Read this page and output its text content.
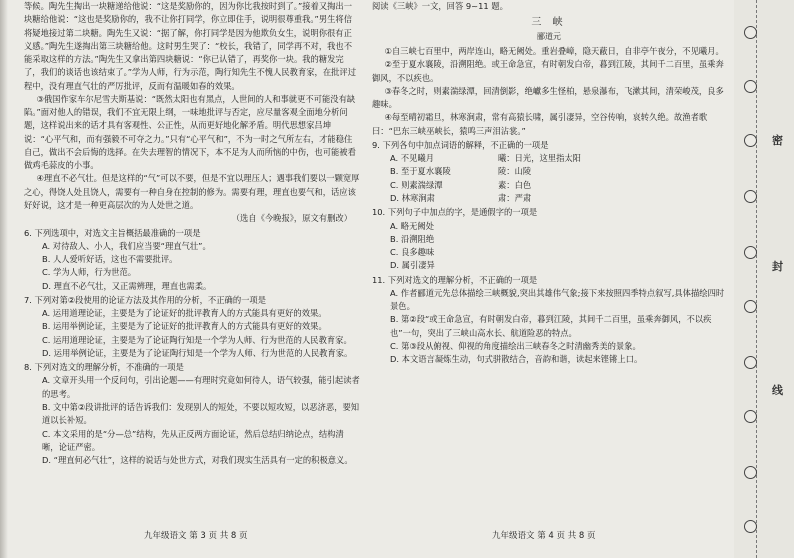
等候。陶先生掏出一块糖递给他说：“这是奖励你的，因为你比我按时到了。”接着又掏出一块糖给他说：“这也是奖励你的，我不让你打同学，你立即住手，说明很尊重我。”男生将信将疑地接过第二块糖。陶先生又说：“据了解，你打同学是因为他欺负女生，说明你很有正义感。”陶先生遂掏出第三块糖给他。这时男生哭了：“校长，我错了，同学再不对，我也不能采取这样的方法。”陶先生又拿出第四块糖说：“你已认错了，再奖你一块。我的糖发完了，我们的谈话也该结束了。”学为人师，行为示范，陶行知先生不愧人民教育家，在批评过程中，没有理直气壮的严厉批评，反而有温暖如春的效果。

③俄国作家车尔尼雪夫斯基说：“既然太阳也有黑点，人世间的人和事就更不可能没有缺陷。”面对他人的错误，我们不宜无限上纲，一味地批评与否定，应尽量客观全面地分析问题，这样说出来的话才具有客观性、公正性，从而更好地化解矛盾。明代思想家吕坤说：“心平气和，而有强毅不可夺之力。”只有“心平气和”，不为一时之气所左右，才能稳住自己，做出不会后悔的选择。在失去理智的情况下，本不足为人而所恼的中伤，也可能被看做鸡毛蒜皮的小事。

④理直不必气壮。但是这样的“气”可以不要，但是不宜以理压人；遇事我们要以一颗宽厚之心，得饶人处且饶人，需要有一种自身在控制的修为。需要有理，理直也要气和，话应该好好说，这才是一种更高层次的为人处世之道。

（选自《今晚报》，原文有删改）
6. 下列选项中，对选文主旨概括最准确的一项是
A. 对待敌人、小人，我们应当要“理直气壮”。
B. 人人爱听好话，这也不需要批评。
C. 学为人师，行为世范。
D. 理直不必气壮，又正需辨理，理直也需柔。
7. 下列对第②段使用的论证方法及其作用的分析，不正确的一项是
A. 运用道理论证，主要是为了论证好的批评教育人的方式能具有更好的效果。
B. 运用举例论证，主要是为了论证好的批评教育人的方式能具有更好的效果。
C. 运用道理论证，主要是为了论证陶行知是一个学为人师、行为世范的人民教育家。
D. 运用举例论证，主要是为了论证陶行知是一个学为人师、行为世范的人民教育家。
8. 下列对选文的理解分析，不准确的一项是
A. 文章开头用一个反问句，引出论题——有理时究竟如何待人，语气较强，能引起读者的思考。
B. 文中第②段讲批评的话告诉我们：发现别人的短处，不要以短攻短，以恶济恶，要知道以长补短。
C. 本文采用的是“分—总”结构，先从正反两方面论证，然后总结归纳论点，结构清晰，论证严密。
D. “理直何必气壮”，这样的说话与处世方式，对我们现实生活具有一定的积极意义。
九年级语文 第 3 页 共 8 页
阅读《三峡》一文，回答 9~11 题。
三 峡
郦道元

①自三峡七百里中，两岸连山，略无阙处。重岩叠嶂，隐天蔽日，自非亭午夜分，不见曦月。

②至于夏水襄陵，沿溯阻绝。或王命急宣，有时朝发白帝，暮到江陵，其间千二百里，虽乘奔御风，不以疾也。

③春冬之时，则素湍绿潭，回清倒影，绝巘多生怪柏，悬泉瀑布，飞漱其间，清荣峻茂，良多趣味。

④每至晴初霜旦，林寒涧肃，常有高猿长啸，属引凄异，空谷传响，哀转久绝。故渔者歌曰：“巴东三峡巫峡长，猿鸣三声泪沾裳。”

9. 下列各句中加点词语的解释，不正确的一项是
A. 不见曦月	曦：日光，这里指太阳
B. 至于夏水襄陵	陵：山陵
C. 则素湍绿潭	素：白色
D. 林寒涧肃	肃：严肃
10. 下列句子中加点的字，是通假字的一项是
A. 略无阙处
B. 沿溯阻绝
C. 良多趣味
D. 属引凄异
11. 下列对选文的理解分析，不正确的一项是
A. 作者郦道元先总体描绘三峡概貌,突出其雄伟气象;接下来按照四季特点叙写,具体描绘四时景色。
B. 第②段“或王命急宣，有时朝发白帝，暮到江陵，其间千二百里，虽乘奔御风，不以疾也”一句，突出了三峡山高水长、航道险恶的特点。
C. 第③段从俯视、仰视的角度描绘出三峡春冬之时清幽秀美的景象。
D. 本文语言凝炼生动，句式骈散结合，音韵和谐，读起来铿锵上口。
九年级语文 第 4 页 共 8 页
密
封
线
